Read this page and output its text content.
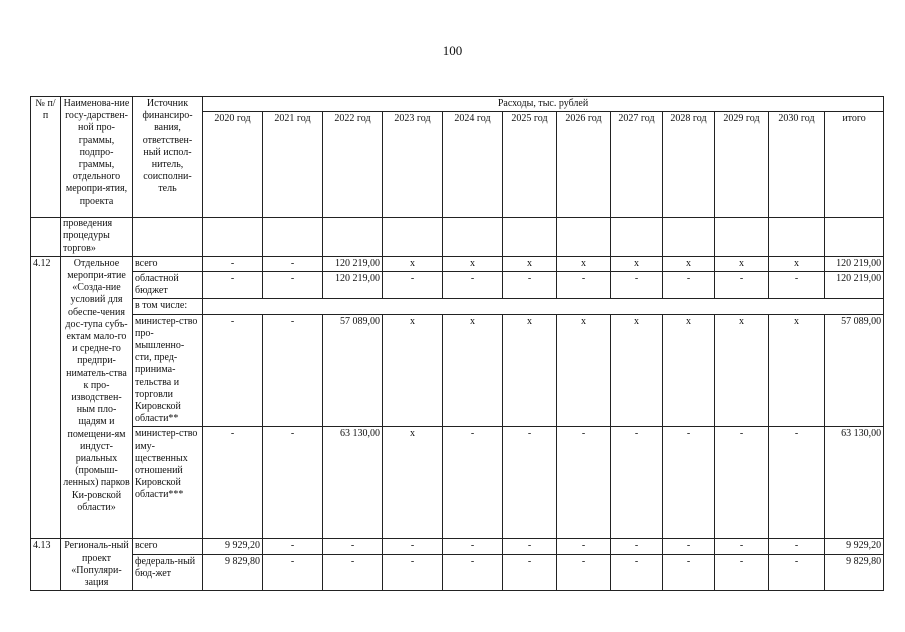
100
№ п/п	Наименова-ние госу-дарствен-ной про-граммы, подпро-граммы, отдельного меропри-ятия, проекта	Источник финансиро-вания, ответствен-ный испол-нитель, соисполни-тель	Расходы, тыс. рублей											
			2020 год	2021 год	2022 год	2023 год	2024 год	2025 год	2026 год	2027 год	2028 год	2029 год	2030 год	итого
	проведения процедуры торгов»													
4.12	Отдельное меропри-ятие «Созда-ние условий для обеспе-чения дос-тупа субъ-ектам мало-го и средне-го предпри-ниматель-ства к про-изводствен-ным пло-щадям и помещени-ям индуст-риальных (промыш-ленных) парков Ки-ровской области»	всего	-	-	120 219,00	х	х	х	х	х	х	х	х	120 219,00
		областной бюджет	-	-	120 219,00	-	-	-	-	-	-	-	-	120 219,00
		в том числе:												
		министер-ство про-мышленно-сти, пред-принима-тельства и торговли Кировской области**	-	-	57 089,00	х	х	х	х	х	х	х	х	57 089,00
		министер-ство иму-щественных отношений Кировской области***	-	-	63 130,00	х	-	-	-	-	-	-	-	63 130,00
4.13	Региональ-ный проект «Популяри-зация	всего	9 929,20	-	-	-	-	-	-	-	-	-	-	9 929,20
		федераль-ный бюд-жет	9 829,80	-	-	-	-	-	-	-	-	-	-	9 829,80
